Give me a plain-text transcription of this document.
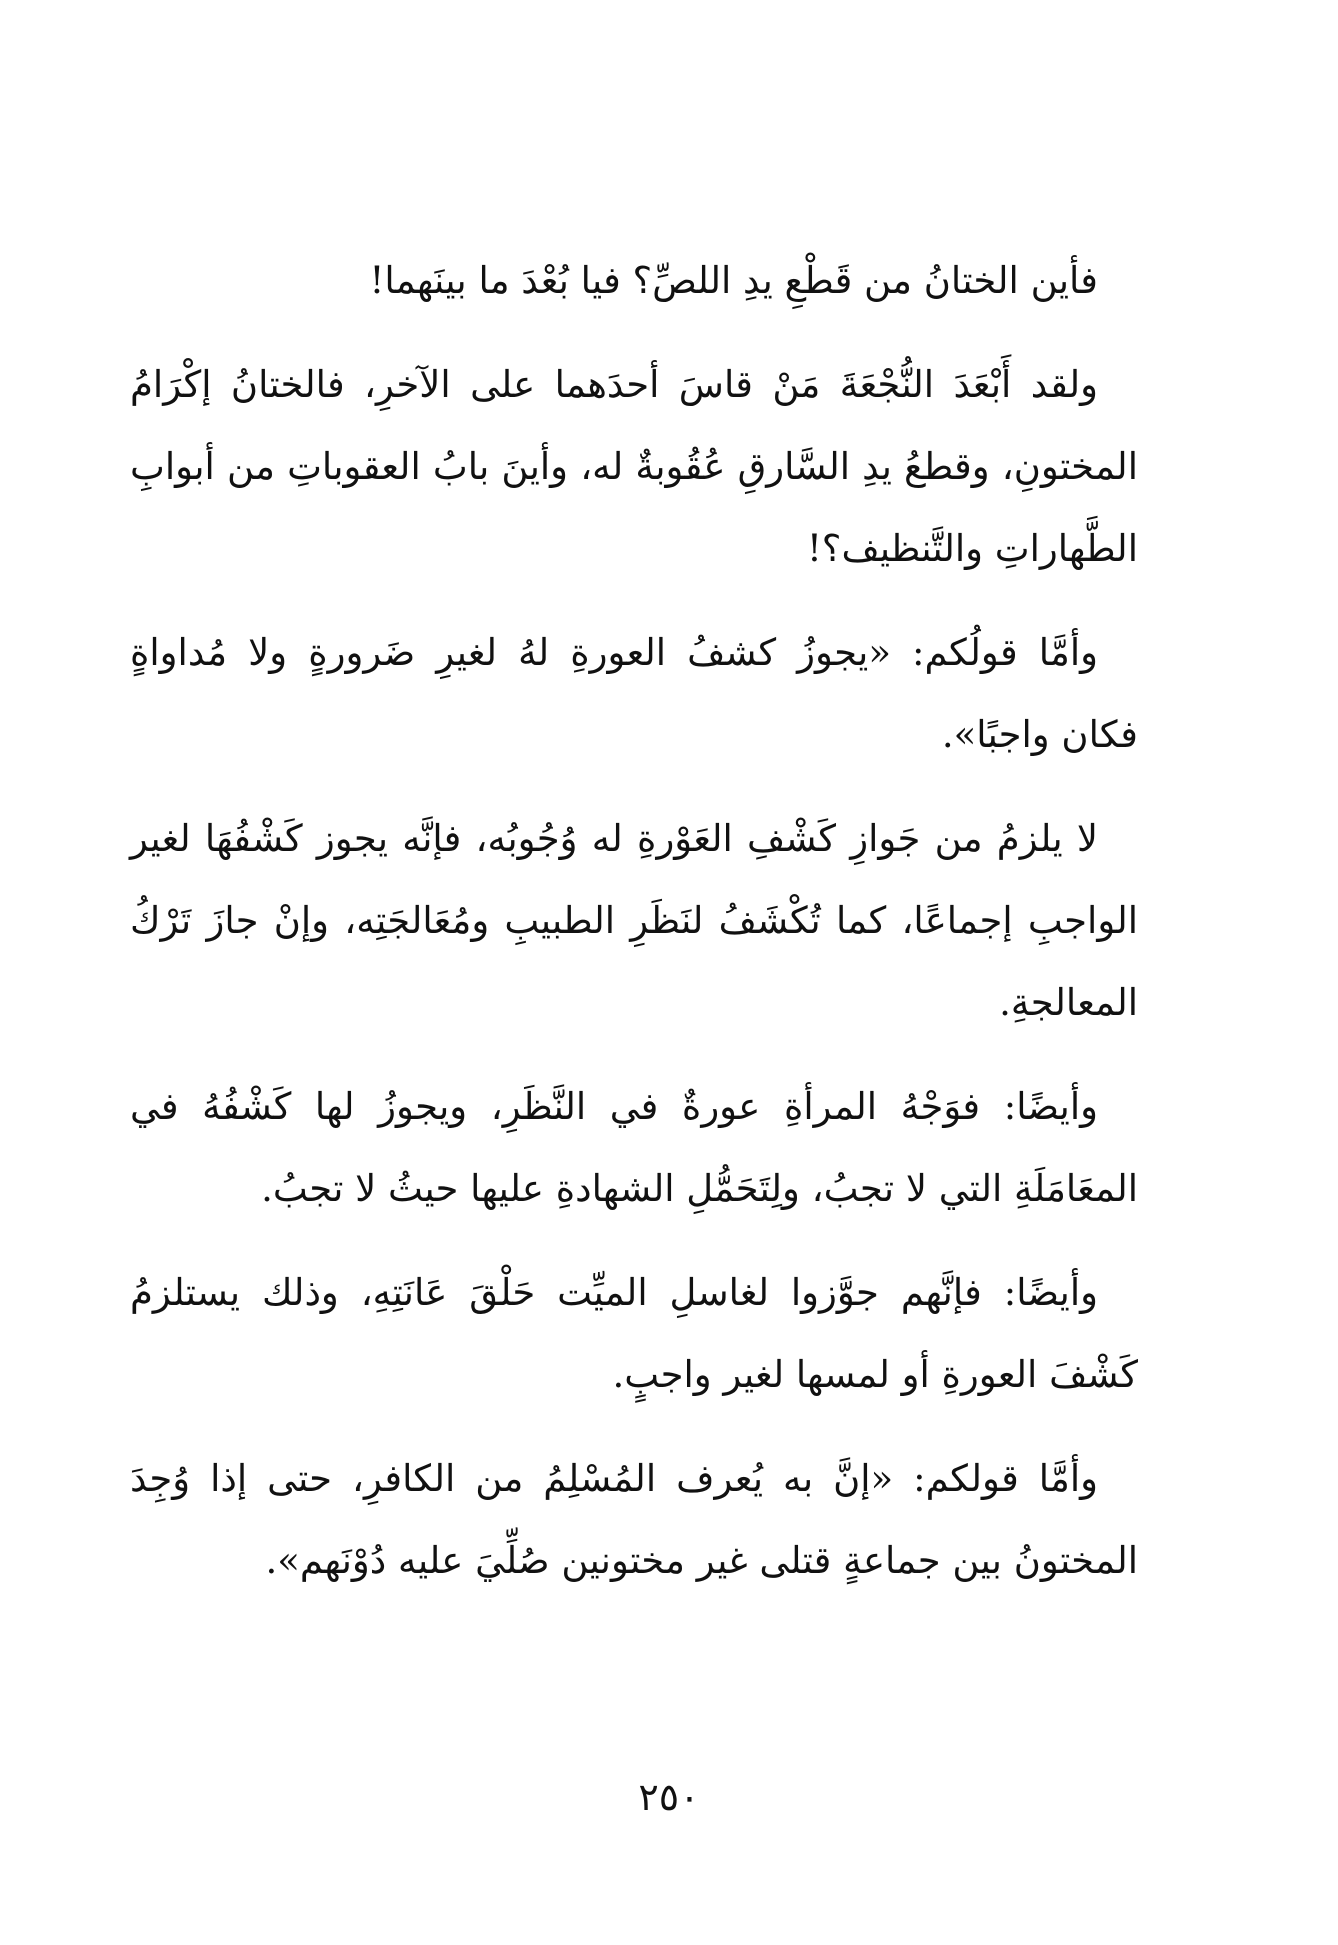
فأين الختانُ من قَطْعِ يدِ اللصِّ؟ فيا بُعْدَ ما بينَهما!

ولقد أَبْعَدَ النُّجْعَةَ مَنْ قاسَ أحدَهما على الآخرِ، فالختانُ إكْرَامُ المختونِ، وقطعُ يدِ السَّارقِ عُقُوبةٌ له، وأينَ بابُ العقوباتِ من أبوابِ الطَّهاراتِ والتَّنظيف؟!

وأمَّا قولُكم: «يجوزُ كشفُ العورةِ لهُ لغيرِ ضَرورةٍ ولا مُداواةٍ فكان واجبًا».

لا يلزمُ من جَوازِ كَشْفِ العَوْرةِ له وُجُوبُه، فإنَّه يجوز كَشْفُهَا لغير الواجبِ إجماعًا، كما تُكْشَفُ لنَظَرِ الطبيبِ ومُعَالجَتِه، وإنْ جازَ تَرْكُ المعالجةِ.

وأيضًا: فوَجْهُ المرأةِ عورةٌ في النَّظَرِ، ويجوزُ لها كَشْفُهُ في المعَامَلَةِ التي لا تجبُ، ولِتَحَمُّلِ الشهادةِ عليها حيثُ لا تجبُ.

وأيضًا: فإنَّهم جوَّزوا لغاسلِ الميِّت حَلْقَ عَانَتِهِ، وذلك يستلزمُ كَشْفَ العورةِ أو لمسها لغير واجبٍ.

وأمَّا قولكم: «إنَّ به يُعرف المُسْلِمُ من الكافرِ، حتى إذا وُجِدَ المختونُ بين جماعةٍ قتلى غير مختونين صُلِّيَ عليه دُوْنَهم».

٢٥٠
